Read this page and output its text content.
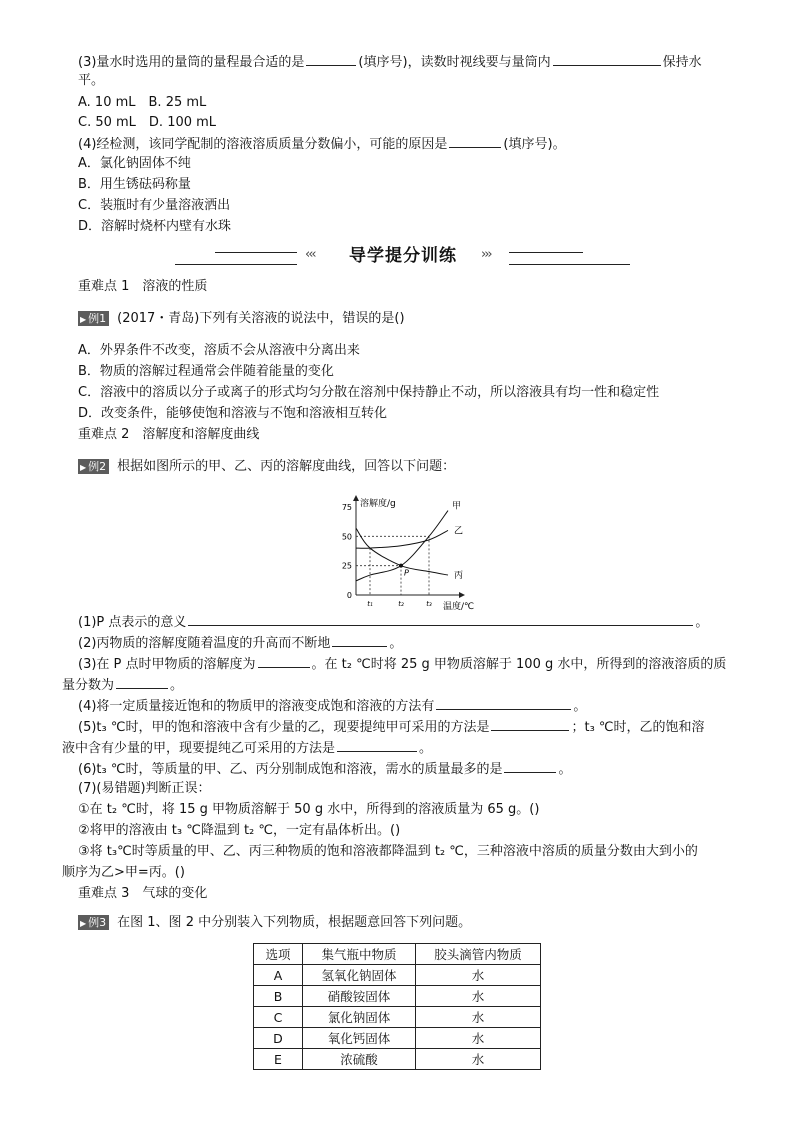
(3)量水时选用的量筒的量程最合适的是	(填序号)，读数时视线要与量筒内	保持水
平。
A. 10 mL　B. 25 mL
C. 50 mL　D. 100 mL
(4)经检测，该同学配制的溶液溶质质量分数偏小，可能的原因是	(填序号)。
A．氯化钠固体不纯
B．用生锈砝码称量
C．装瓶时有少量溶液洒出
D．溶解时烧杯内壁有水珠
‹‹‹	导学提分训练	›››
重难点 1　溶液的性质
▶ 例1 (2017・青岛)下列有关溶液的说法中，错误的是()
A．外界条件不改变，溶质不会从溶液中分离出来
B．物质的溶解过程通常会伴随着能量的变化
C．溶液中的溶质以分子或离子的形式均匀分散在溶剂中保持静止不动，所以溶液具有均一性和稳定性
D．改变条件，能够使饱和溶液与不饱和溶液相互转化
重难点 2　溶解度和溶解度曲线
▶ 例2 根据如图所示的甲、乙、丙的溶解度曲线，回答以下问题：
溶解度/g
温度/℃
0
25
50
75
t₁	t₂	t₃
甲
乙
丙
P
(1)P 点表示的意义	。
(2)丙物质的溶解度随着温度的升高而不断地	。
(3)在 P 点时甲物质的溶解度为	。在 t₂ ℃时将 25 g 甲物质溶解于 100 g 水中，所得到的溶液溶质的质
量分数为	。
(4)将一定质量接近饱和的物质甲的溶液变成饱和溶液的方法有	。
(5)t₃ ℃时，甲的饱和溶液中含有少量的乙，现要提纯甲可采用的方法是	；t₃ ℃时，乙的饱和溶
液中含有少量的甲，现要提纯乙可采用的方法是	。
(6)t₃ ℃时，等质量的甲、乙、丙分别制成饱和溶液，需水的质量最多的是	。
(7)(易错题)判断正误：
①在 t₂ ℃时，将 15 g 甲物质溶解于 50 g 水中，所得到的溶液质量为 65 g。()
②将甲的溶液由 t₃ ℃降温到 t₂ ℃，一定有晶体析出。()
③将 t₃℃时等质量的甲、乙、丙三种物质的饱和溶液都降温到 t₂ ℃，三种溶液中溶质的质量分数由大到小的
顺序为乙>甲=丙。()
重难点 3　气球的变化
▶ 例3 在图 1、图 2 中分别装入下列物质，根据题意回答下列问题。
选项	集气瓶中物质	胶头滴管内物质
A	氢氧化钠固体	水
B	硝酸铵固体	水
C	氯化钠固体	水
D	氧化钙固体	水
E	浓硫酸	水
